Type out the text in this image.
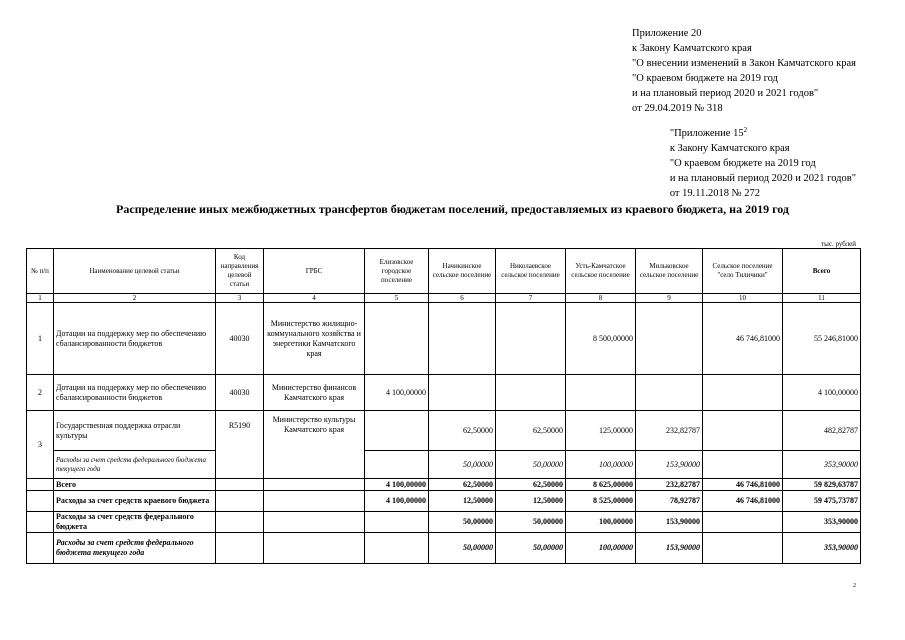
Приложение 20
к Закону Камчатского края
"О внесении изменений в Закон Камчатского края
"О краевом бюджете на 2019 год
и на плановый период 2020 и 2021 годов"
от 29.04.2019 № 318
"Приложение $15^2$
к Закону Камчатского края
"О краевом бюджете на 2019 год
и на плановый период 2020 и 2021 годов"
от 19.11.2018 № 272
Распределение иных межбюджетных трансфертов бюджетам поселений, предоставляемых из краевого бюджета, на 2019 год
тыс. рублей
№ п/п	Наименование целевой статьи	Код направления целевой статьи	ГРБС	Елизовское городское поселение	Начикинское сельское поселение	Николаевское сельское поселение	Усть-Камчатское сельское поселение	Мильковское сельское поселение	Сельское поселение "село Тиличики"	Всего
1	2	3	4	5	6	7	8	9	10	11
1	Дотации на поддержку мер по обеспечению сбалансированности бюджетов	40030	Министерство жилищно-коммунального хозяйства и энергетики Камчатского края				8 500,00000		46 746,81000	55 246,81000
2	Дотации на поддержку мер по обеспечению сбалансированности бюджетов	40030	Министерство финансов Камчатского края	4 100,00000						4 100,00000
3	Государственная поддержка отрасли культуры	R5190	Министерство культуры Камчатского края		62,50000	62,50000	125,00000	232,82787		482,82787
	Расходы за счет средств федерального бюджета текущего года				50,00000	50,00000	100,00000	153,90000		353,90000
	Всего			4 100,00000	62,50000	62,50000	8 625,00000	232,82787	46 746,81000	59 829,63787
	Расходы за счет средств краевого бюджета			4 100,00000	12,50000	12,50000	8 525,00000	78,92787	46 746,81000	59 475,73787
	Расходы за счет средств федерального бюджета				50,00000	50,00000	100,00000	153,90000		353,90000
	Расходы за счет средств федерального бюджета текущего года				50,00000	50,00000	100,00000	153,90000		353,90000
2
